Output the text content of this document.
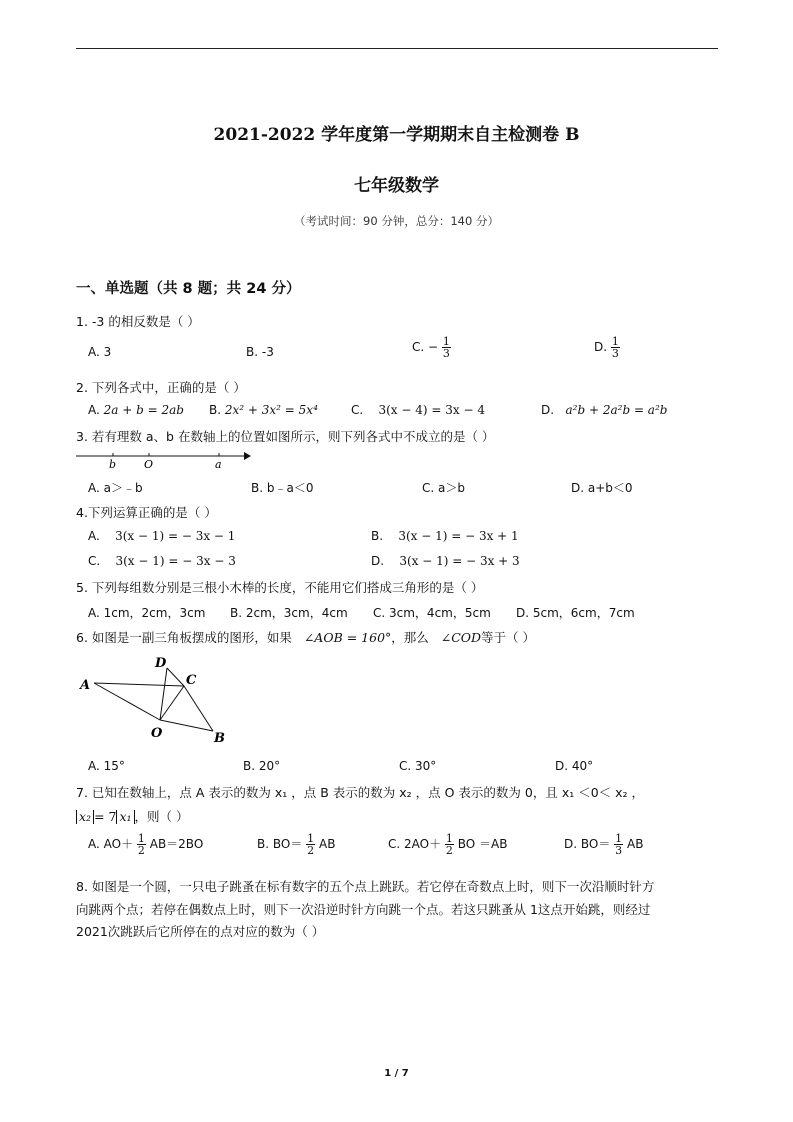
2021-2022 学年度第一学期期末自主检测卷 B
七年级数学
（考试时间：90 分钟，总分：140 分）
一、单选题（共 8 题；共 24 分）
1. -3 的相反数是（ ）
A. 3	B. -3	C. − $\frac{1}{3}$	D. $\frac{1}{3}$
2. 下列各式中，正确的是（ ）
A. 2a + b = 2ab B. 2x² + 3x² = 5x⁴	C. 3(x − 4) = 3x − 4	D. a²b + 2a²b = a²b
3. 若有理数 a、b 在数轴上的位置如图所示，则下列各式中不成立的是（ ）
b	O	a
A. a＞﹣b	B. b﹣a＜0	C. a＞b	D. a+b＜0
4.下列运算正确的是（ ）
A. 3(x − 1) = − 3x − 1	B. 3(x − 1) = − 3x + 1
C. 3(x − 1) = − 3x − 3	D. 3(x − 1) = − 3x + 3
5. 下列每组数分别是三根小木棒的长度，不能用它们搭成三角形的是（ ）
A. 1cm，2cm，3cm B. 2cm，3cm，4cm C. 3cm，4cm，5cm D. 5cm，6cm，7cm
6. 如图是一副三角板摆成的图形，如果 ∠AOB = 160°，那么 ∠COD等于（ ）
A
B
C
D
O
A. 15°	B. 20°	C. 30°	D. 40°
7. 已知在数轴上，点 A 表示的数为 x₁ ，点 B 表示的数为 x₂ ，点 O 表示的数为 0，且 x₁ ＜0＜ x₂ ，
x₂ = 7 x₁ ，则（ ）
A. $AO+ \frac{1}{2} AB=2BO$	B. $BO= \frac{1}{2}$ AB	C. $2AO+ \frac{1}{2}$ BO ＝AB	D. $BO= \frac{1}{3}$ AB
8. 如图是一个圆，一只电子跳蚤在标有数字的五个点上跳跃。若它停在奇数点上时，则下一次沿顺时针方
向跳两个点；若停在偶数点上时，则下一次沿逆时针方向跳一个点。若这只跳蚤从 1这点开始跳，则经过
2021次跳跃后它所停在的点对应的数为（ ）
1 / 7
